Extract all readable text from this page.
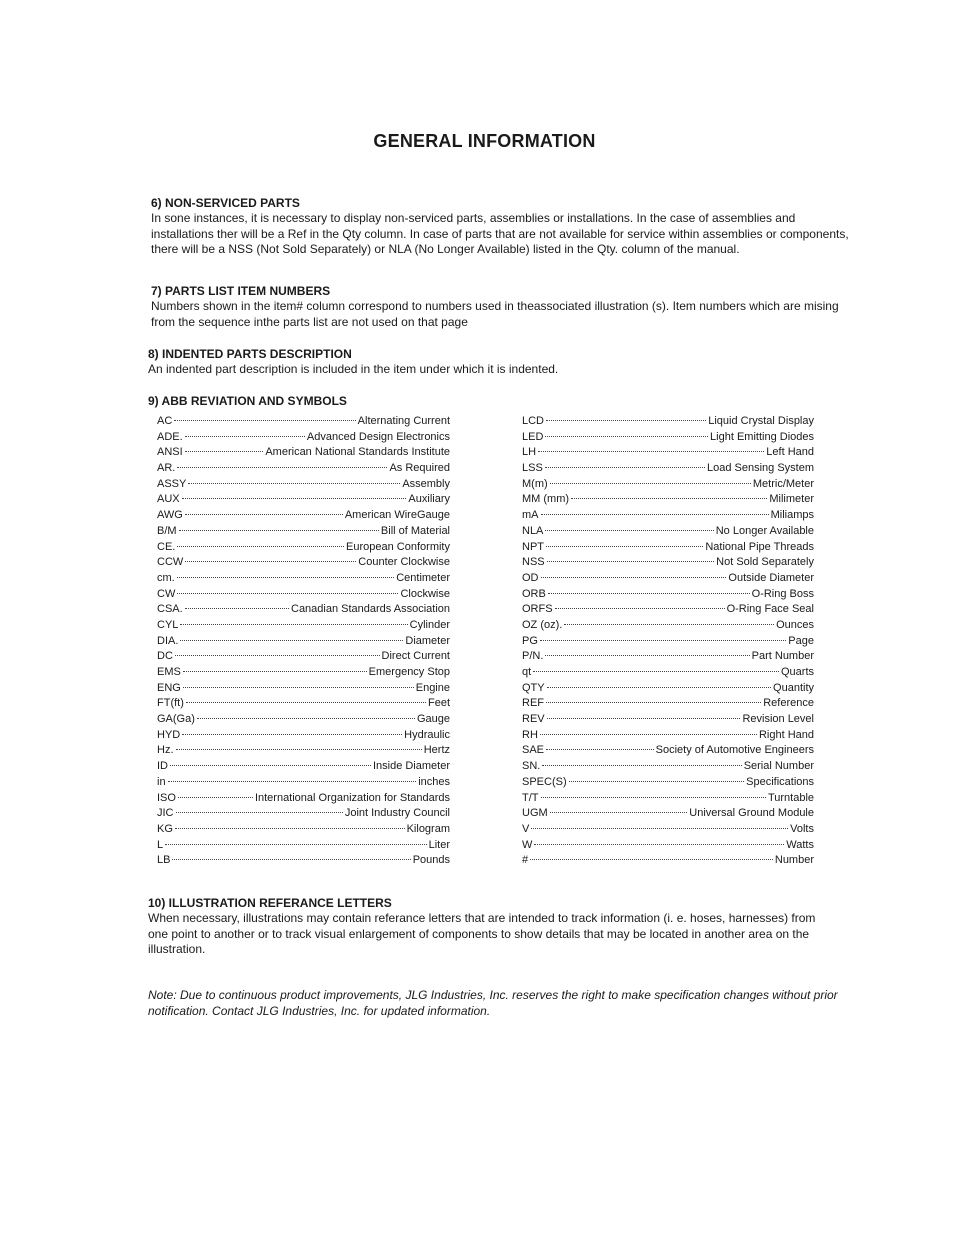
GENERAL INFORMATION

6) NON-SERVICED PARTS

In sone instances, it is necessary to display non-serviced parts, assemblies or installations. In the case of assemblies and installations ther will be a Ref in the Qty column. In case of parts that are not available for service within assemblies or components, there will be a NSS (Not Sold Separately) or NLA (No Longer Available) listed in the Qty. column of the manual.

7) PARTS LIST ITEM NUMBERS

Numbers shown in the item# column correspond to numbers used in theassociated illustration (s). Item numbers which are mising from the sequence inthe parts list are not used on that page

8) INDENTED PARTS DESCRIPTION

An indented part description is included in the item under which it is indented.

9) ABB REVIATION AND SYMBOLS

AC	Alternating Current
ADE.	Advanced Design Electronics
ANSI	American National Standards Institute
AR.	As Required
ASSY	Assembly
AUX	Auxiliary
AWG	American WireGauge
B/M	Bill of Material
CE.	European Conformity
CCW	Counter Clockwise
cm.	Centimeter
CW	Clockwise
CSA.	Canadian Standards Association
CYL	Cylinder
DIA.	Diameter
DC	Direct Current
EMS	Emergency Stop
ENG	Engine
FT(ft)	Feet
GA(Ga)	Gauge
HYD	Hydraulic
Hz.	Hertz
ID	Inside Diameter
in	inches
ISO	International Organization for Standards
JIC	Joint Industry Council
KG	Kilogram
L	Liter
LB	Pounds
LCD	Liquid Crystal Display
LED	Light Emitting Diodes
LH	Left Hand
LSS	Load Sensing System
M(m)	Metric/Meter
MM (mm)	Milimeter
mA	Miliamps
NLA	No Longer Available
NPT	National Pipe Threads
NSS	Not Sold Separately
OD	Outside Diameter
ORB	O-Ring Boss
ORFS	O-Ring Face Seal
OZ (oz).	Ounces
PG	Page
P/N.	Part Number
qt	Quarts
QTY	Quantity
REF	Reference
REV	Revision Level
RH	Right Hand
SAE	Society of Automotive Engineers
SN.	Serial Number
SPEC(S)	Specifications
T/T	Turntable
UGM	Universal Ground Module
V	Volts
W	Watts
#	Number

10) ILLUSTRATION REFERANCE LETTERS

When necessary, illustrations may contain referance letters that are intended to track information (i. e. hoses, harnesses) from one point to another or to track visual enlargement of components to show details that may be located in another area on the illustration.

Note: Due to continuous product improvements, JLG Industries, Inc. reserves the right to make specification changes without prior notification. Contact JLG Industries, Inc. for updated information.
